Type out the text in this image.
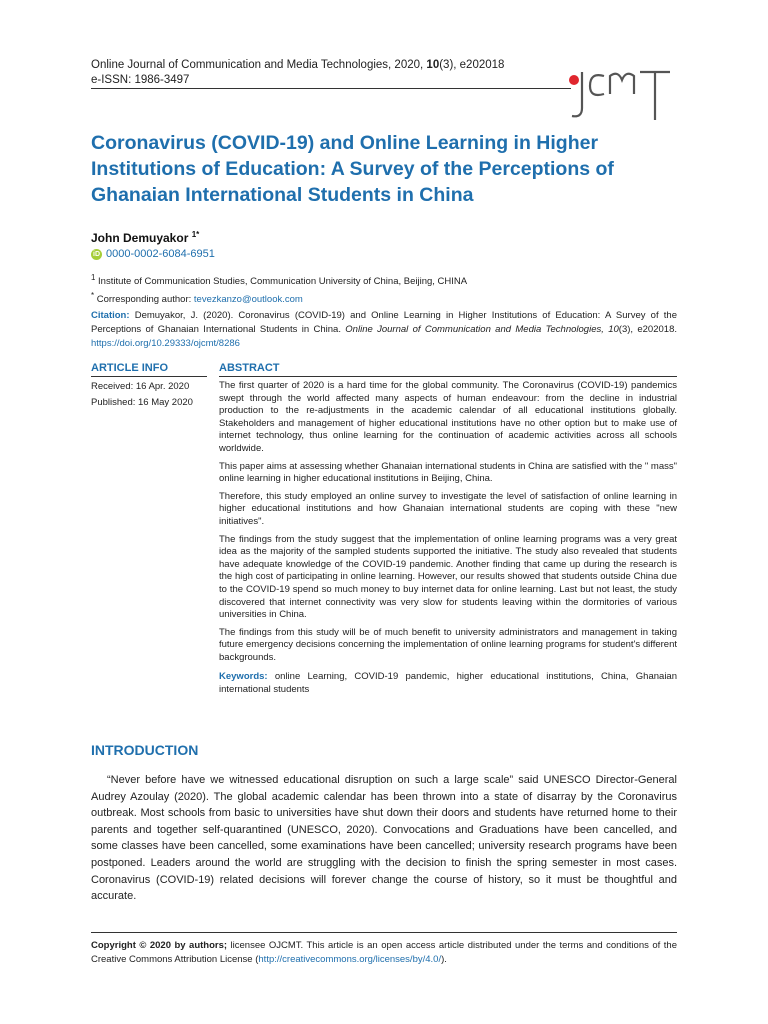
Online Journal of Communication and Media Technologies, 2020, 10(3), e202018
e-ISSN: 1986-3497
Coronavirus (COVID-19) and Online Learning in Higher Institutions of Education: A Survey of the Perceptions of Ghanaian International Students in China
John Demuyakor $^{1*}$
iD 0000-0002-6084-6951
$^1$ Institute of Communication Studies, Communication University of China, Beijing, CHINA
* Corresponding author: tevezkanzo@outlook.com
Citation: Demuyakor, J. (2020). Coronavirus (COVID-19) and Online Learning in Higher Institutions of Education: A Survey of the Perceptions of Ghanaian International Students in China. Online Journal of Communication and Media Technologies, 10(3), e202018. https://doi.org/10.29333/ojcmt/8286
ARTICLE INFO	ABSTRACT
Received: 16 Apr. 2020
Published: 16 May 2020

The first quarter of 2020 is a hard time for the global community. The Coronavirus (COVID-19) pandemics swept through the world affected many aspects of human endeavour: from the decline in industrial production to the re-adjustments in the academic calendar of all educational institutions globally. Stakeholders and management of higher educational institutions have no other option but to make use of internet technology, thus online learning for the continuation of academic activities across all schools worldwide.

This paper aims at assessing whether Ghanaian international students in China are satisfied with the " mass" online learning in higher educational institutions in Beijing, China.

Therefore, this study employed an online survey to investigate the level of satisfaction of online learning in higher educational institutions and how Ghanaian international students are coping with these "new initiatives".

The findings from the study suggest that the implementation of online learning programs was a very great idea as the majority of the sampled students supported the initiative. The study also revealed that students have adequate knowledge of the COVID-19 pandemic. Another finding that came up during the research is the high cost of participating in online learning. However, our results showed that students outside China due to the COVID-19 spend so much money to buy internet data for online learning. Last but not least, the study discovered that internet connectivity was very slow for students leaving within the dormitories of various universities in China.

The findings from this study will be of much benefit to university administrators and management in taking future emergency decisions concerning the implementation of online learning programs for student's different backgrounds.

Keywords: online Learning, COVID-19 pandemic, higher educational institutions, China, Ghanaian international students

INTRODUCTION
“Never before have we witnessed educational disruption on such a large scale” said UNESCO Director-General Audrey Azoulay (2020). The global academic calendar has been thrown into a state of disarray by the Coronavirus outbreak. Most schools from basic to universities have shut down their doors and students have returned home to their parents and together self-quarantined (UNESCO, 2020). Convocations and Graduations have been cancelled, and some classes have been cancelled, some examinations have been cancelled; university research programs have been postponed. Leaders around the world are struggling with the decision to finish the spring semester in most cases. Coronavirus (COVID-19) related decisions will forever change the course of history, so it must be thoughtful and accurate.
Copyright © 2020 by authors; licensee OJCMT. This article is an open access article distributed under the terms and conditions of the Creative Commons Attribution License (http://creativecommons.org/licenses/by/4.0/).
